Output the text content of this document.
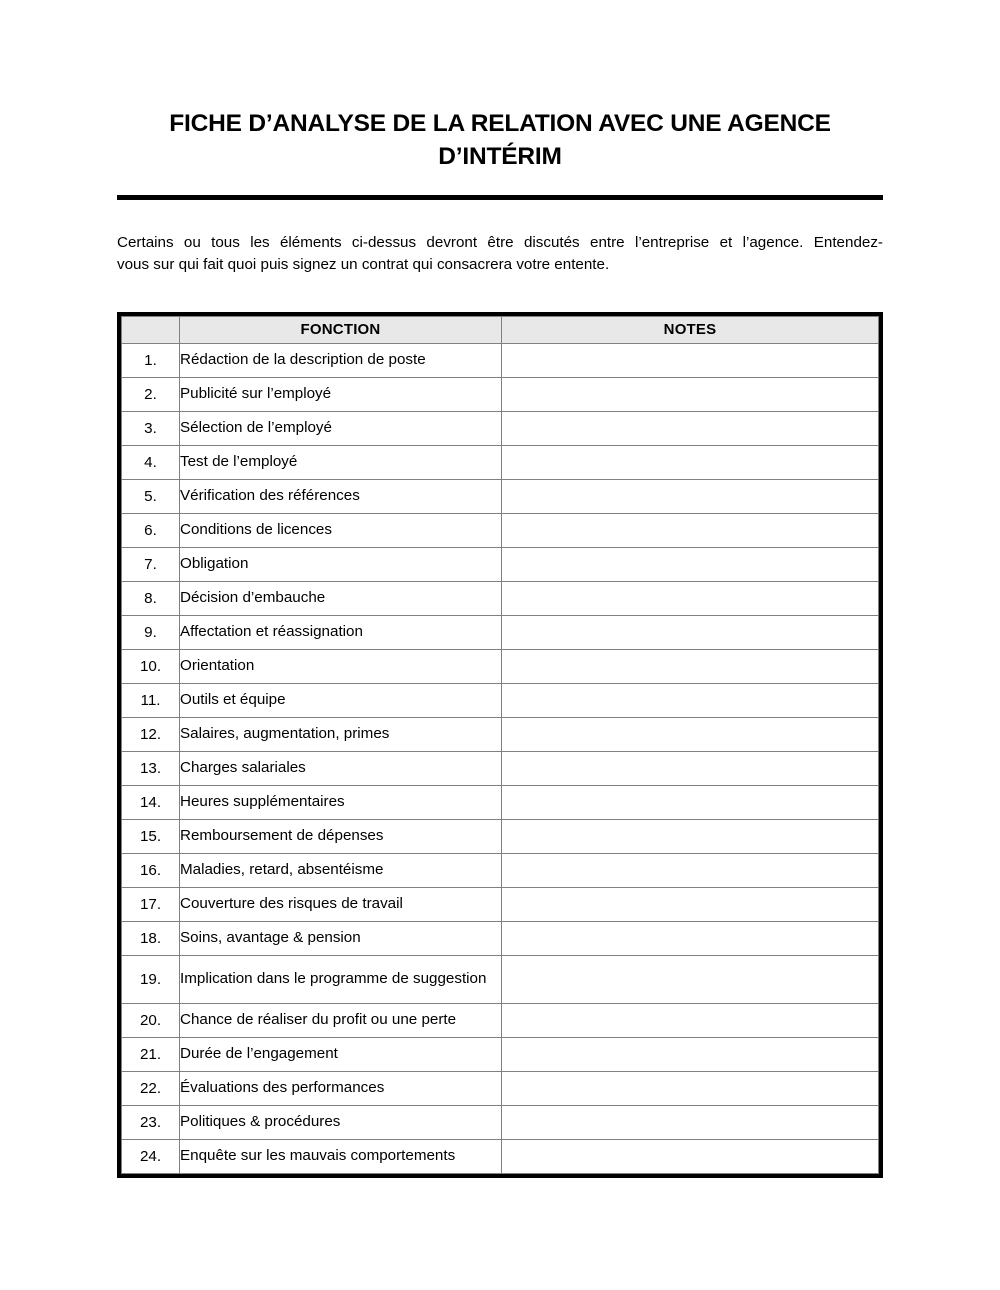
FICHE D’ANALYSE DE LA RELATION AVEC UNE AGENCE D’INTÉRIM

Certains ou tous les éléments ci-dessus devront être discutés entre l’entreprise et l’agence. Entendez-
vous sur qui fait quoi puis signez un contrat qui consacrera votre entente.

	FONCTION	NOTES
1.	Rédaction de la description de poste	
2.	Publicité sur l’employé	
3.	Sélection de l’employé	
4.	Test de l’employé	
5.	Vérification des références	
6.	Conditions de licences	
7.	Obligation	
8.	Décision d’embauche	
9.	Affectation et réassignation	
10.	Orientation	
11.	Outils et équipe	
12.	Salaires, augmentation, primes	
13.	Charges salariales	
14.	Heures supplémentaires	
15.	Remboursement de dépenses	
16.	Maladies, retard, absentéisme	
17.	Couverture des risques de travail	
18.	Soins, avantage & pension	
19.	Implication dans le programme de suggestion	
20.	Chance de réaliser du profit ou une perte	
21.	Durée de l’engagement	
22.	Évaluations des performances	
23.	Politiques & procédures	
24.	Enquête sur les mauvais comportements	
